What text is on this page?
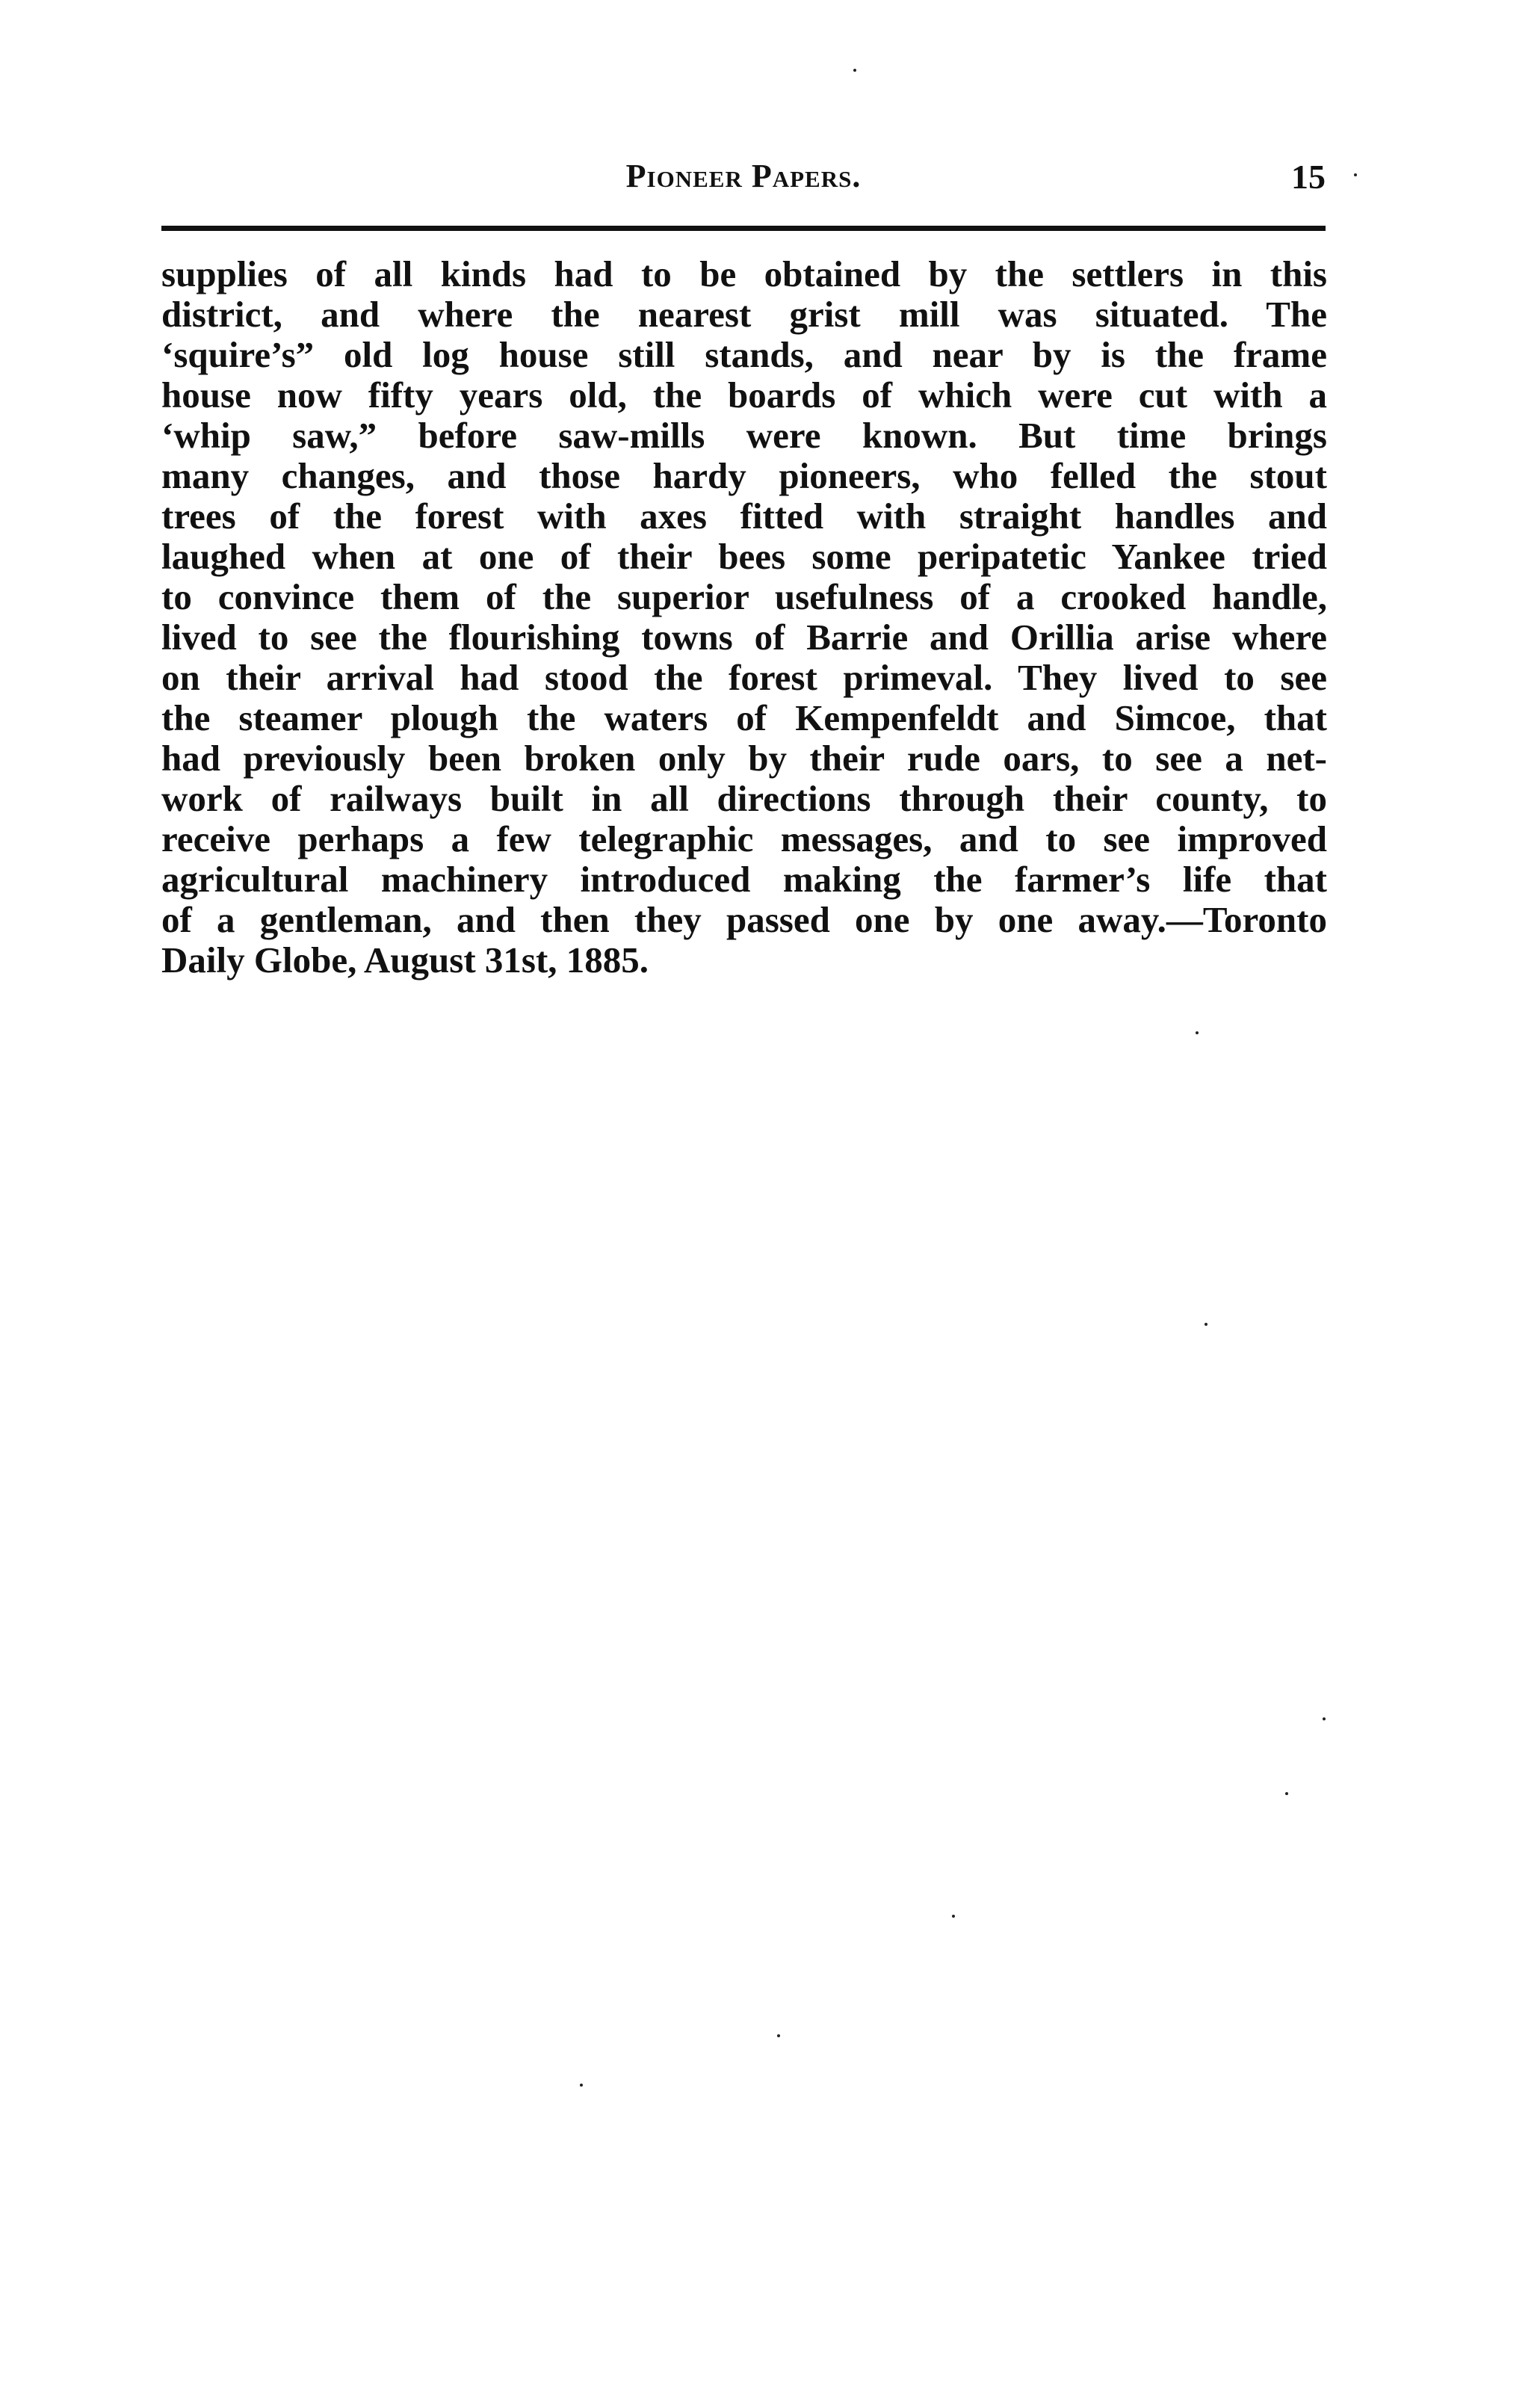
Pioneer Papers.	15

supplies of all kinds had to be obtained by the settlers in this
district, and where the nearest grist mill was situated. The
‘squire’s” old log house still stands, and near by is the frame
house now fifty years old, the boards of which were cut with a
‘whip saw,” before saw-mills were known. But time brings
many changes, and those hardy pioneers, who felled the stout
trees of the forest with axes fitted with straight handles and
laughed when at one of their bees some peripatetic Yankee tried
to convince them of the superior usefulness of a crooked handle,
lived to see the flourishing towns of Barrie and Orillia arise where
on their arrival had stood the forest primeval. They lived to see
the steamer plough the waters of Kempenfeldt and Simcoe, that
had previously been broken only by their rude oars, to see a net-
work of railways built in all directions through their county, to
receive perhaps a few telegraphic messages, and to see improved
agricultural machinery introduced making the farmer’s life that
of a gentleman, and then they passed one by one away.—Toronto
Daily Globe, August 31st, 1885.
